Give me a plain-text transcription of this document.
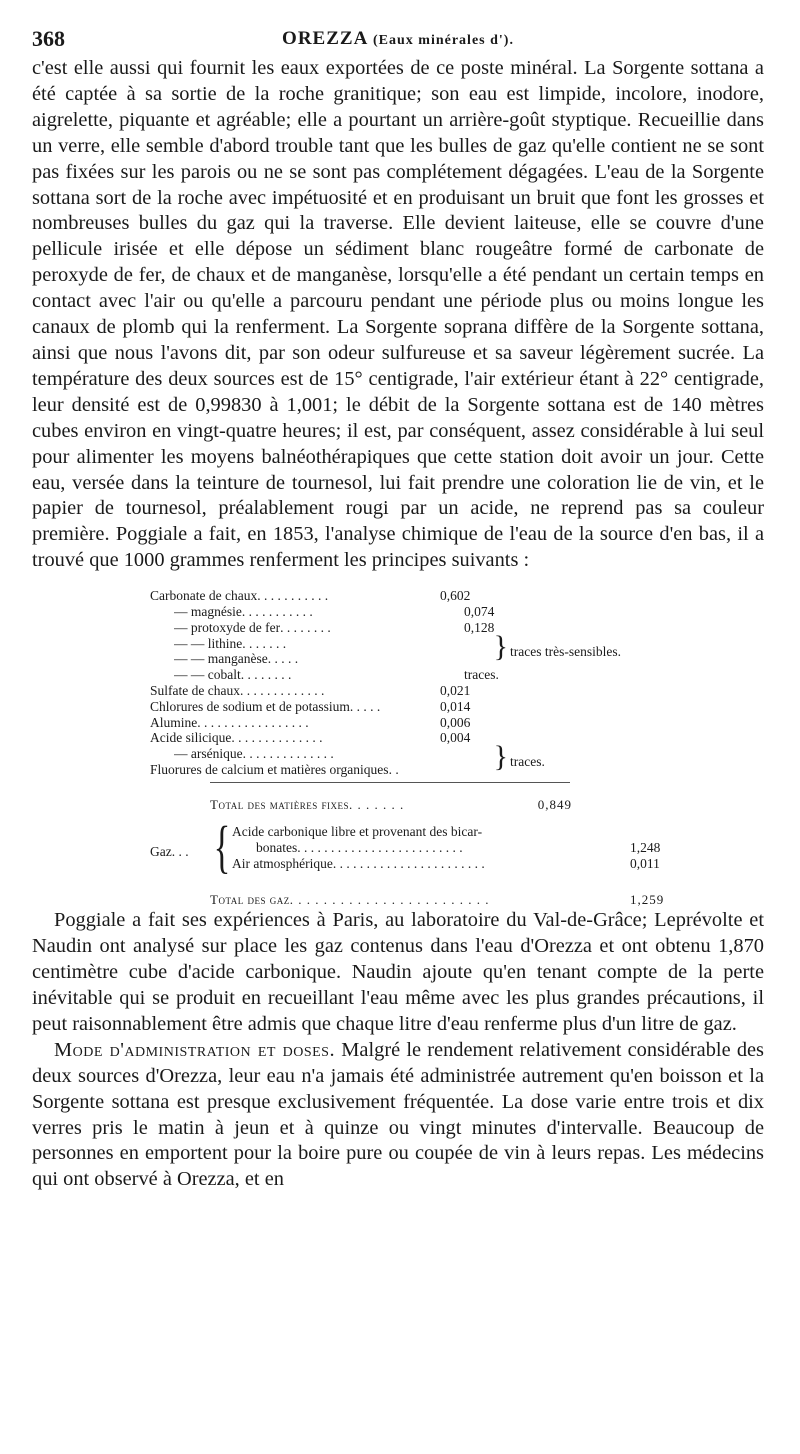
368	OREZZA (Eaux minérales d').

c'est elle aussi qui fournit les eaux exportées de ce poste minéral. La Sorgente sottana a été captée à sa sortie de la roche granitique; son eau est limpide, incolore, inodore, aigrelette, piquante et agréable; elle a pourtant un arrière-goût styptique. Recueillie dans un verre, elle semble d'abord trouble tant que les bulles de gaz qu'elle contient ne se sont pas fixées sur les parois ou ne se sont pas complétement dégagées. L'eau de la Sorgente sottana sort de la roche avec impétuosité et en produisant un bruit que font les grosses et nombreuses bulles du gaz qui la traverse. Elle devient laiteuse, elle se couvre d'une pellicule irisée et elle dépose un sédiment blanc rougeâtre formé de carbonate de peroxyde de fer, de chaux et de manganèse, lorsqu'elle a été pendant un certain temps en contact avec l'air ou qu'elle a parcouru pendant une période plus ou moins longue les canaux de plomb qui la renferment. La Sorgente soprana diffère de la Sorgente sottana, ainsi que nous l'avons dit, par son odeur sulfureuse et sa saveur légèrement sucrée. La température des deux sources est de 15° centigrade, l'air extérieur étant à 22° centigrade, leur densité est de 0,99830 à 1,001; le débit de la Sorgente sottana est de 140 mètres cubes environ en vingt-quatre heures; il est, par conséquent, assez considérable à lui seul pour alimenter les moyens balnéothérapiques que cette station doit avoir un jour. Cette eau, versée dans la teinture de tournesol, lui fait prendre une coloration lie de vin, et le papier de tournesol, préalablement rougi par un acide, ne reprend pas sa couleur première. Poggiale a fait, en 1853, l'analyse chimique de l'eau de la source d'en bas, il a trouvé que 1000 grammes renferment les principes suivants :

Carbonate de chaux . . . . . . . . . . .	0,602
— magnésie . . . . . . . . . . .	0,074
— protoxyde de fer . . . . . . . .	0,128
— — lithine . . . . . . .
— — manganèse . . . . .	} traces très-sensibles.
— — cobalt . . . . . . . .	traces.
Sulfate de chaux . . . . . . . . . . . . .	0,021
Chlorures de sodium et de potassium . . . . .	0,014
Alumine . . . . . . . . . . . . . . . . .	0,006
Acide silicique . . . . . . . . . . . . . .	0,004
— arsénique . . . . . . . . . . . . . .
Fluorures de calcium et matières organiques . .	} traces.
Total des matières fixes . . . . . . .	0,849
Gaz. . . { Acide carbonique libre et provenant des bicar-
bonates . . . . . . . . . . . . . . . . . . . . . . . . .	1,248
Air atmosphérique . . . . . . . . . . . . . . . . . . . . . . .	0,011
Total des gaz . . . . . . . . . . . . . . . . . . . . . . . .	1,259

Poggiale a fait ses expériences à Paris, au laboratoire du Val-de-Grâce; Leprévolte et Naudin ont analysé sur place les gaz contenus dans l'eau d'Orezza et ont obtenu 1,870 centimètre cube d'acide carbonique. Naudin ajoute qu'en tenant compte de la perte inévitable qui se produit en recueillant l'eau même avec les plus grandes précautions, il peut raisonnablement être admis que chaque litre d'eau renferme plus d'un litre de gaz.

Mode d'administration et doses. Malgré le rendement relativement considérable des deux sources d'Orezza, leur eau n'a jamais été administrée autrement qu'en boisson et la Sorgente sottana est presque exclusivement fréquentée. La dose varie entre trois et dix verres pris le matin à jeun et à quinze ou vingt minutes d'intervalle. Beaucoup de personnes en emportent pour la boire pure ou coupée de vin à leurs repas. Les médecins qui ont observé à Orezza, et en
